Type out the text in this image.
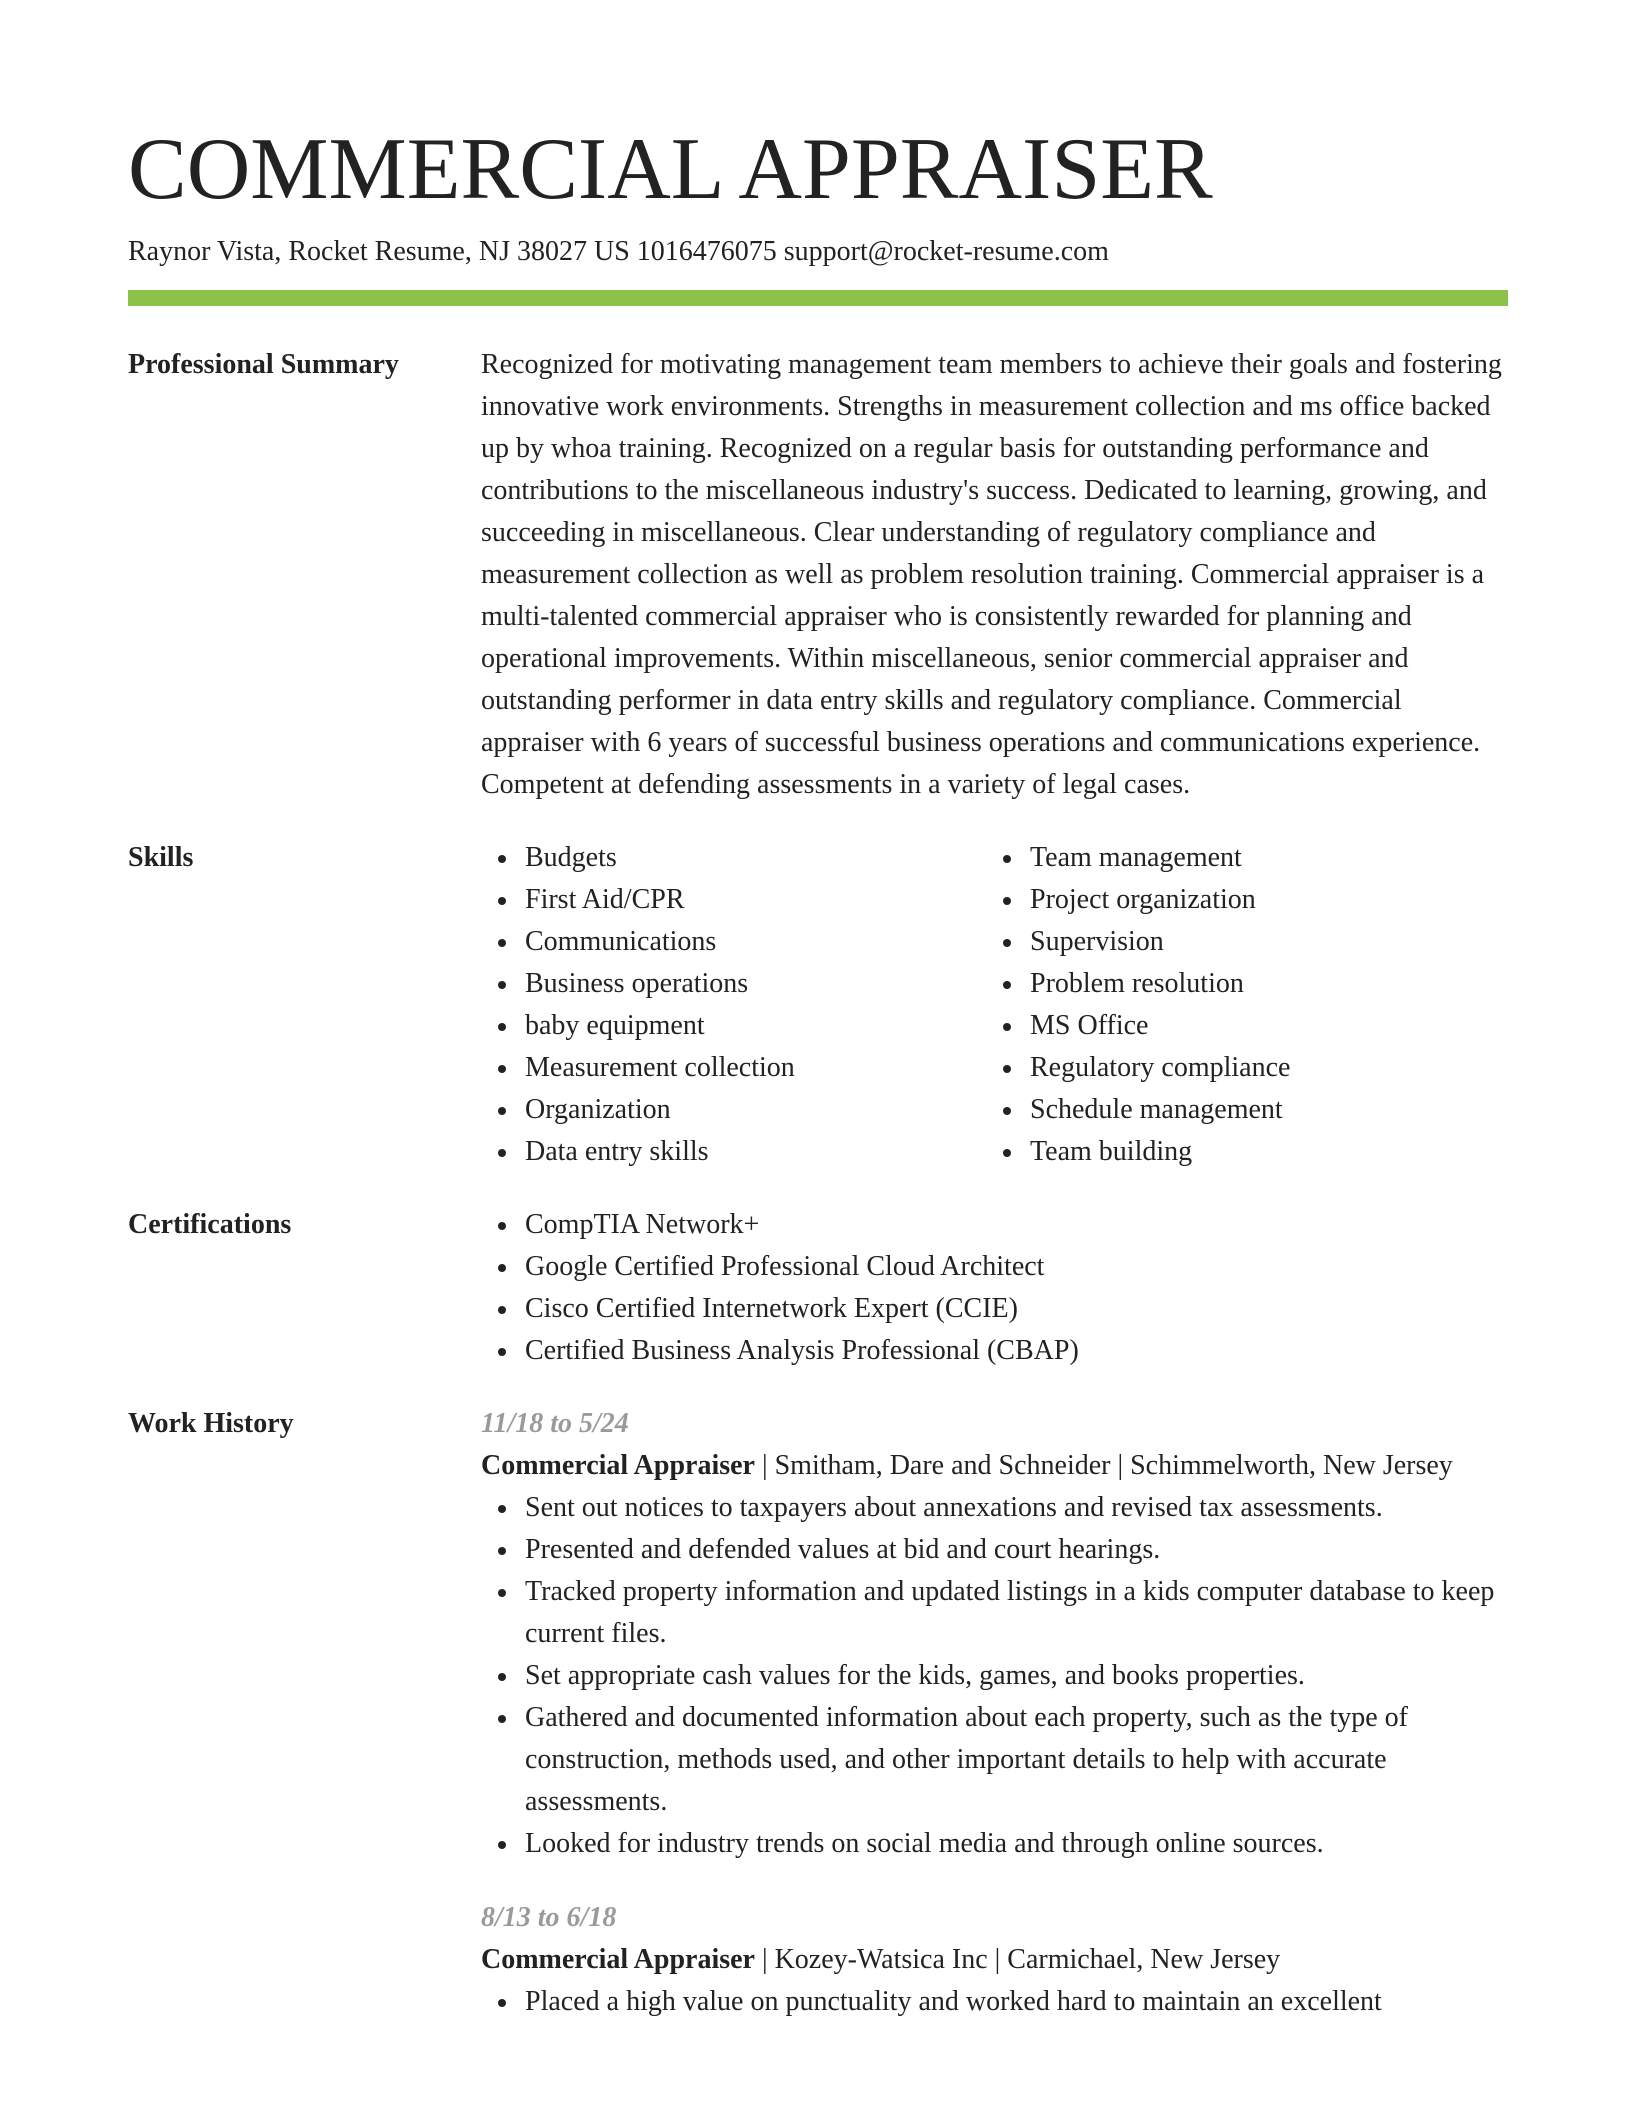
COMMERCIAL APPRAISER
Raynor Vista, Rocket Resume, NJ 38027 US 1016476075 support@rocket-resume.com
Professional Summary	Recognized for motivating management team members to achieve their goals and fostering innovative work environments. Strengths in measurement collection and ms office backed up by whoa training. Recognized on a regular basis for outstanding performance and contributions to the miscellaneous industry's success. Dedicated to learning, growing, and succeeding in miscellaneous. Clear understanding of regulatory compliance and measurement collection as well as problem resolution training. Commercial appraiser is a multi-talented commercial appraiser who is consistently rewarded for planning and operational improvements. Within miscellaneous, senior commercial appraiser and outstanding performer in data entry skills and regulatory compliance. Commercial appraiser with 6 years of successful business operations and communications experience. Competent at defending assessments in a variety of legal cases.

Skills	Budgets
First Aid/CPR
Communications
Business operations
baby equipment
Measurement collection
Organization
Data entry skills
Team management
Project organization
Supervision
Problem resolution
MS Office
Regulatory compliance
Schedule management
Team building
Certifications	CompTIA Network+
Google Certified Professional Cloud Architect
Cisco Certified Internetwork Expert (CCIE)
Certified Business Analysis Professional (CBAP)
Work History	11/18 to 5/24
Commercial Appraiser | Smitham, Dare and Schneider | Schimmelworth, New Jersey
Sent out notices to taxpayers about annexations and revised tax assessments.
Presented and defended values at bid and court hearings.
Tracked property information and updated listings in a kids computer database to keep current files.
Set appropriate cash values for the kids, games, and books properties.
Gathered and documented information about each property, such as the type of construction, methods used, and other important details to help with accurate assessments.
Looked for industry trends on social media and through online sources.
8/13 to 6/18
Commercial Appraiser | Kozey-Watsica Inc | Carmichael, New Jersey
Placed a high value on punctuality and worked hard to maintain an excellent
